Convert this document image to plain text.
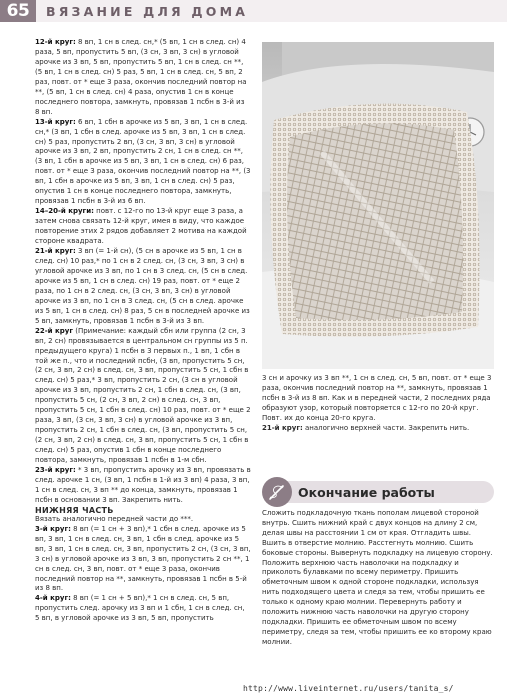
65	ВЯЗАНИЕ ДЛЯ ДОМА

12-й круг: 8 вп, 1 сн в след. сн,* (5 вп, 1 сн в след. сн) 4 раза, 5 вп, пропустить 5 вп, (3 сн, 3 вп, 3 сн) в угловой арочке из 3 вп, 5 вп, пропустить 5 вп, 1 сн в след. сн **, (5 вп, 1 сн в след. сн) 5 раз, 5 вп, 1 сн в след. сн, 5 вп, 2 раз, повт. от * еще 3 раза, окончив последний повтор на **, (5 вп, 1 сн в след. сн) 4 раза, опустив 1 сн в конце последнего повтора, замкнуть, провязав 1 псбн в 3-й из 8 вп.

13-й круг: 6 вп, 1 сбн в арочке из 5 вп, 3 вп, 1 сн в след. сн,* (3 вп, 1 сбн в след. арочке из 5 вп, 3 вп, 1 сн в след. сн) 5 раз, пропустить 2 вп, (3 сн, 3 вп, 3 сн) в угловой арочке из 3 вп, 2 вп, пропустить 2 сн, 1 сн в след. сн **, (3 вп, 1 сбн в арочке из 5 вп, 3 вп, 1 сн в след. сн) 6 раз, повт. от * еще 3 раза, окончив последний повтор на **, (3 вп, 1 сбн в арочке из 5 вп, 3 вп, 1 сн в след. сн) 5 раз, опустив 1 сн в конце последнего повтора, замкнуть, провязав 1 псбн в 3-й из 6 вп.

14–20-й круги: повт. с 12-го по 13-й круг еще 3 раза, а затем снова связать 12-й круг, имея в виду, что каждое повторение этих 2 рядов добавляет 2 мотива на каждой стороне квадрата.

21-й круг: 3 вп (= 1-й сн), (5 сн в арочке из 5 вп, 1 сн в след. сн) 10 раз,* по 1 сн в 2 след. сн, (3 сн, 3 вп, 3 сн) в угловой арочке из 3 вп, по 1 сн в 3 след. сн, (5 сн в след. арочке из 5 вп, 1 сн в след. сн) 19 раз, повт. от * еще 2 раза, по 1 сн в 2 след. сн, (3 сн, 3 вп, 3 сн) в угловой арочке из 3 вп, по 1 сн в 3 след. сн, (5 сн в след. арочке из 5 вп, 1 сн в след. сн) 8 раз, 5 сн в последней арочке из 5 вп, замкнуть, провязав 1 псбн в 3-й из 3 вп.

22-й круг (Примечание: каждый сбн или группа (2 сн, 3 вп, 2 сн) провязывается в центральном сн группы из 5 п. предыдущего круга) 1 псбн в 3 первых п., 1 вп, 1 сбн в той же п., что и последний псбн, (3 вп, пропустить 5 сн, (2 сн, 3 вп, 2 сн) в след. сн, 3 вп, пропустить 5 сн, 1 сбн в след. сн) 5 раз,* 3 вп, пропустить 2 сн, (3 сн в угловой арочке из 3 вп, пропустить 2 сн, 1 сбн в след. сн, (3 вп, пропустить 5 сн, (2 сн, 3 вп, 2 сн) в след. сн, 3 вп, пропустить 5 сн, 1 сбн в след. сн) 10 раз, повт. от * еще 2 раза, 3 вп, (3 сн, 3 вп, 3 сн) в угловой арочке из 3 вп, пропустить 2 сн, 1 сбн в след. сн, (3 вп, пропустить 5 сн, (2 сн, 3 вп, 2 сн) в след. сн, 3 вп, пропустить 5 сн, 1 сбн в след. сн) 5 раз, опустив 1 сбн в конце последнего повтора, замкнуть, провязав 1 псбн в 1-м сбн.

23-й круг: * 3 вп, пропустить арочку из 3 вп, провязать в след. арочке 1 сн, (3 вп, 1 псбн в 1-й из 3 вп) 4 раза, 3 вп, 1 сн в след. сн, 3 вп ** до конца, замкнуть, провязав 1 псбн в основании 3 вп. Закрепить нить.

НИЖНЯЯ ЧАСТЬ

Вязать аналогично передней части до ***.

3-й круг: 8 вп (= 1 сн + 3 вп),* 1 сбн в след. арочке из 5 вп, 3 вп, 1 сн в след. сн, 3 вп, 1 сбн в след. арочке из 5 вп, 3 вп, 1 сн в след. сн, 3 вп, пропустить 2 сн, (3 сн, 3 вп, 3 сн) в угловой арочке из 3 вп, 3 вп, пропустить 2 сн **, 1 сн в след. сн, 3 вп, повт. от * еще 3 раза, окончив последний повтор на **, замкнуть, провязав 1 псбн в 5-й из 8 вп.

4-й круг: 8 вп (= 1 сн + 5 вп),* 1 сн в след. сн, 5 вп, пропустить след. арочку из 3 вп и 1 сбн, 1 сн в след. сн, 5 вп, в угловой арочке из 3 вп, 5 вп, пропустить

3 сн и арочку из 3 вп **, 1 сн в след. сн, 5 вп, повт. от * еще 3 раза, окончив последний повтор на **, замкнуть, провязав 1 псбн в 3-й из 8 вп. Как и в передней части, 2 последних ряда образуют узор, который повторяется с 12-го по 20-й круг. Повт. их до конца 20-го круга.

21-й круг: аналогично верхней части. Закрепить нить.

Окончание работы
Сложить подкладочную ткань пополам лицевой стороной внутрь. Сшить нижний край с двух концов на длину 2 см, делая швы на расстоянии 1 см от края. Отгладить швы. Вшить в отверстие молнию. Расстегнуть молнию. Сшить боковые стороны. Вывернуть подкладку на лицевую сторону. Положить верхнюю часть наволочки на подкладку и приколоть булавками по всему периметру. Пришить обметочным швом к одной стороне подкладки, используя нить подходящего цвета и следя за тем, чтобы пришить ее только к одному краю молнии. Перевернуть работу и положить нижнюю часть наволочки на другую сторону подкладки. Пришить ее обметочным швом по всему периметру, следя за тем, чтобы пришить ее ко второму краю молнии.
http://www.liveinternet.ru/users/tanita_s/
